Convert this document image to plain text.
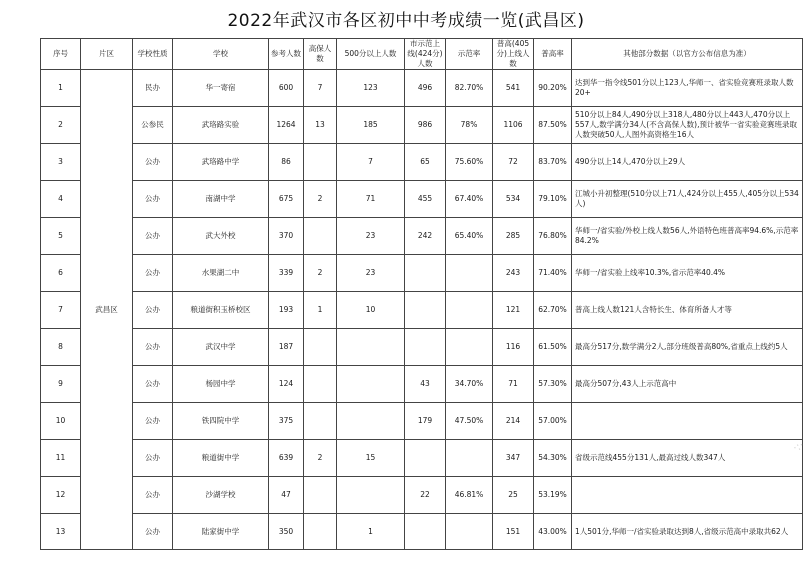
2022年武汉市各区初中中考成绩一览(武昌区)
序号	片区	学校性质	学校	参考人数	高保人数	500分以上人数	市示范上线(424分)人数	示范率	普高(405分)上线人数	普高率	其他部分数据（以官方公布信息为准）
1	武昌区	民办	华一寄宿	600	7	123	496	82.70%	541	90.20%	达到华一指令线501分以上123人,华师一、省实验竞赛班录取人数20+
2		公参民	武珞路实验	1264	13	185	986	78%	1106	87.50%	510分以上84人,490分以上318人,480分以上443人,470分以上557人,数学满分34人(不含高保人数),预计被华一省实验竞赛班录取人数突破50人,人图外高资格生16人
3		公办	武珞路中学	86		7	65	75.60%	72	83.70%	490分以上14人,470分以上29人
4		公办	南湖中学	675	2	71	455	67.40%	534	79.10%	江城小升初整理(510分以上71人,424分以上455人,405分以上534人)
5		公办	武大外校	370		23	242	65.40%	285	76.80%	华师一/省实验/外校上线人数56人,外语特色班普高率94.6%,示范率84.2%
6		公办	水果湖二中	339	2	23			243	71.40%	华师一/省实验上线率10.3%,省示范率40.4%
7		公办	粮道街积玉桥校区	193	1	10			121	62.70%	普高上线人数121人含特长生、体育所备人才等
8		公办	武汉中学	187					116	61.50%	最高分517分,数学满分2人,部分班级普高80%,省重点上线约5人
9		公办	杨园中学	124			43	34.70%	71	57.30%	最高分507分,43人上示范高中
10		公办	铁四院中学	375			179	47.50%	214	57.00%	
11		公办	粮道街中学	639	2	15			347	54.30%	省级示范线455分131人,最高过线人数347人
12		公办	沙湖学校	47			22	46.81%	25	53.19%	
13		公办	陆家街中学	350		1			151	43.00%	1人501分,华师一/省实验录取达到8人,省级示范高中录取共62人
·:·
